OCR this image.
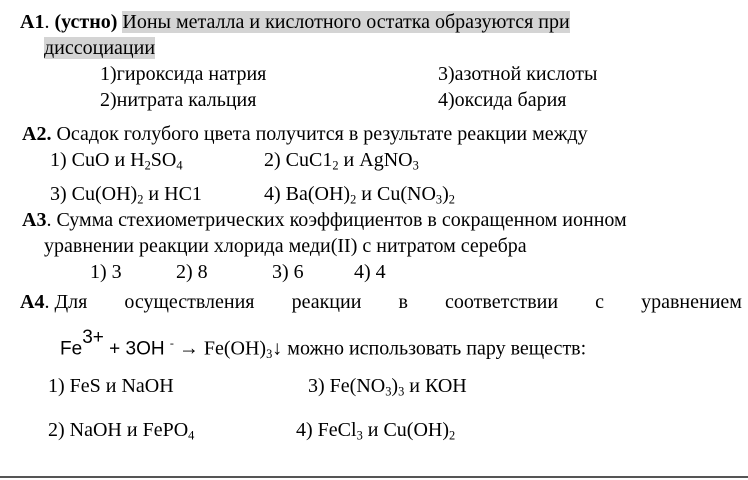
А1. (устно) Ионы металла и кислотного остатка образуются при
диссоциации
1)гироксида натрия	3)азотной кислоты
2)нитрата кальция	4)оксида бария
А2. Осадок голубого цвета получится в результате реакции между
1) CuO и $H_2SO_4$	2) $CuC1_2$ и AgNO$_3$
3) $Cu(OH)_2$ и HC1	4) $Ba(OH)_2$ и $Cu(NO_3)_2$
А3. Сумма стехиометрических коэффициентов в сокращенном ионном
уравнении реакции хлорида меди(II) с нитратом серебра
1) 3	2) 8	3) 6	4) 4
А4. Для осуществления реакции в соответствии с уравнением
$Fe^{3+} + 3OH$ $^- \to Fe(OH)_3↓$ можно использовать пару веществ:
1) FeS и NaOH	3) $Fe(NO_3)_3$ и КОН
2) NaOH и FePO$_4$	4) FeCl$_3$ и $Cu(OH)_2$
